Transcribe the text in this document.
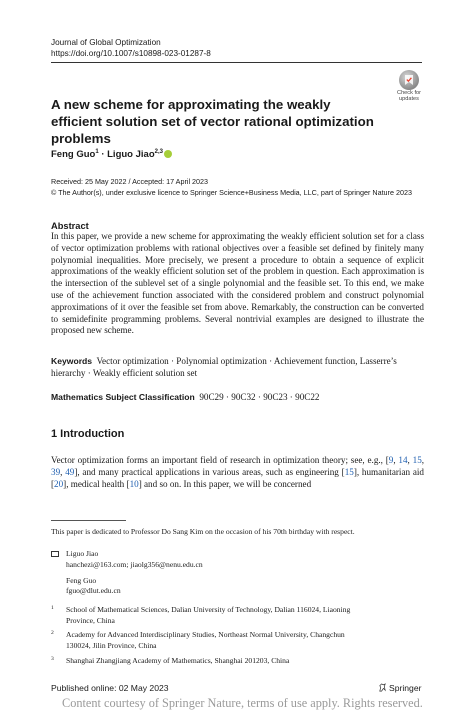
Journal of Global Optimization
https://doi.org/10.1007/s10898-023-01287-8
Check for
updates
A new scheme for approximating the weakly efficient solution set of vector rational optimization problems
Feng Guo$^1$ · Liguo Jiao$^{2,3}$
Received: 25 May 2022 / Accepted: 17 April 2023
© The Author(s), under exclusive licence to Springer Science+Business Media, LLC, part of Springer Nature 2023
Abstract
In this paper, we provide a new scheme for approximating the weakly efficient solution set for a class of vector optimization problems with rational objectives over a feasible set defined by finitely many polynomial inequalities. More precisely, we present a procedure to obtain a sequence of explicit approximations of the weakly efficient solution set of the problem in question. Each approximation is the intersection of the sublevel set of a single polynomial and the feasible set. To this end, we make use of the achievement function associated with the considered problem and construct polynomial approximations of it over the feasible set from above. Remarkably, the construction can be converted to semidefinite programming problems. Several nontrivial examples are designed to illustrate the proposed new scheme.
Keywords Vector optimization · Polynomial optimization · Achievement function, Lasserre’s hierarchy · Weakly efficient solution set
Mathematics Subject Classification 90C29 · 90C32 · 90C23 · 90C22
1 Introduction
Vector optimization forms an important field of research in optimization theory; see, e.g., [9, 14, 15, 39, 49], and many practical applications in various areas, such as engineering [15], humanitarian aid [20], medical health [10] and so on. In this paper, we will be concerned
This paper is dedicated to Professor Do Sang Kim on the occasion of his 70th birthday with respect.
Liguo Jiao
hanchezi@163.com; jiaolg356@nenu.edu.cn
Feng Guo
fguo@dlut.edu.cn
1 School of Mathematical Sciences, Dalian University of Technology, Dalian 116024, Liaoning
Province, China
2 Academy for Advanced Interdisciplinary Studies, Northeast Normal University, Changchun
130024, Jilin Province, China
3 Shanghai Zhangjiang Academy of Mathematics, Shanghai 201203, China
Published online: 02 May 2023	Springer
Content courtesy of Springer Nature, terms of use apply. Rights reserved.
